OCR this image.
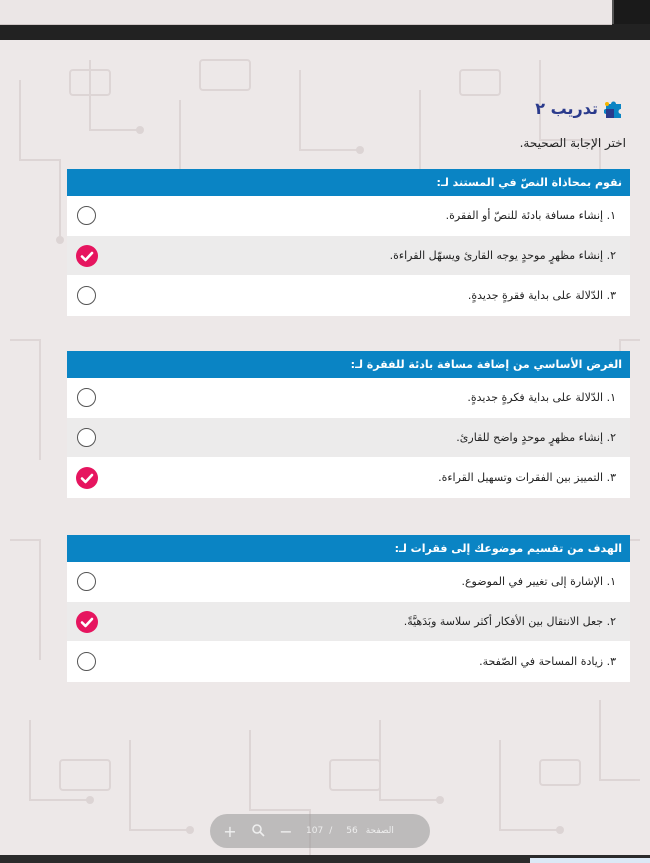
تدريب ٢
اختر الإجابة الصحيحة.
نقوم بمحاذاة النصّ في المستند لـ:
١. إنشاء مسافة بادئة للنصّ أو الفقرة.
٢. إنشاء مظهرٍ موحدٍ يوجه القارئ ويسهّل القراءة.
٣. الدّلالة على بداية فقرةٍ جديدةٍ.
الغرض الأساسي من إضافة مسافة بادئة للفقرة لـ:
١. الدّلالة على بداية فكرةٍ جديدةٍ.
٢. إنشاء مظهرٍ موحدٍ واضح للقارئ.
٣. التمييز بين الفقرات وتسهيل القراءة.
الهدف من تقسيم موضوعك إلى فقرات لـ:
١. الإشارة إلى تغيير في الموضوع.
٢. جعل الانتقال بين الأفكار أكثر سلاسة وبَدَهيَّةً.
٣. زيادة المساحة في الصّفحة.
+	−	107 / 56 الصفحة
